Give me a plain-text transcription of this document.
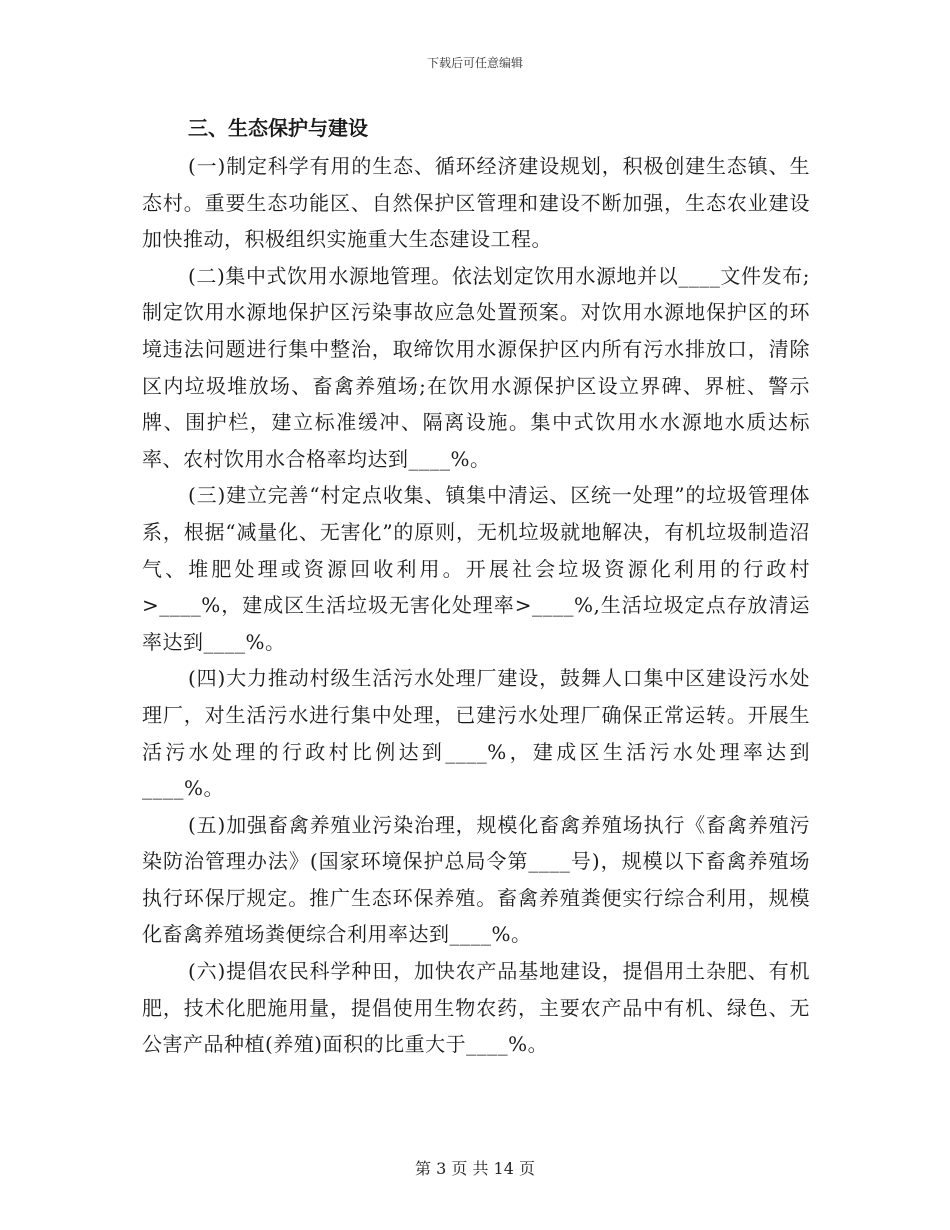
下载后可任意编辑
三、生态保护与建设

(一)制定科学有用的生态、循环经济建设规划，积极创建生态镇、生态村。重要生态功能区、自然保护区管理和建设不断加强，生态农业建设加快推动，积极组织实施重大生态建设工程。

(二)集中式饮用水源地管理。依法划定饮用水源地并以____文件发布;制定饮用水源地保护区污染事故应急处置预案。对饮用水源地保护区的环境违法问题进行集中整治，取缔饮用水源保护区内所有污水排放口，清除区内垃圾堆放场、畜禽养殖场;在饮用水源保护区设立界碑、界桩、警示牌、围护栏，建立标准缓冲、隔离设施。集中式饮用水水源地水质达标率、农村饮用水合格率均达到____%。

(三)建立完善“村定点收集、镇集中清运、区统一处理”的垃圾管理体系，根据“减量化、无害化”的原则，无机垃圾就地解决，有机垃圾制造沼气、堆肥处理或资源回收利用。开展社会垃圾资源化利用的行政村>____%，建成区生活垃圾无害化处理率>____%,生活垃圾定点存放清运率达到____%。

(四)大力推动村级生活污水处理厂建设，鼓舞人口集中区建设污水处理厂，对生活污水进行集中处理，已建污水处理厂确保正常运转。开展生活污水处理的行政村比例达到____%，建成区生活污水处理率达到____%。

(五)加强畜禽养殖业污染治理，规模化畜禽养殖场执行《畜禽养殖污染防治管理办法》(国家环境保护总局令第____号)，规模以下畜禽养殖场执行环保厅规定。推广生态环保养殖。畜禽养殖粪便实行综合利用，规模化畜禽养殖场粪便综合利用率达到____%。

(六)提倡农民科学种田，加快农产品基地建设，提倡用土杂肥、有机肥，技术化肥施用量，提倡使用生物农药，主要农产品中有机、绿色、无公害产品种植(养殖)面积的比重大于____%。

第 3 页 共 14 页
